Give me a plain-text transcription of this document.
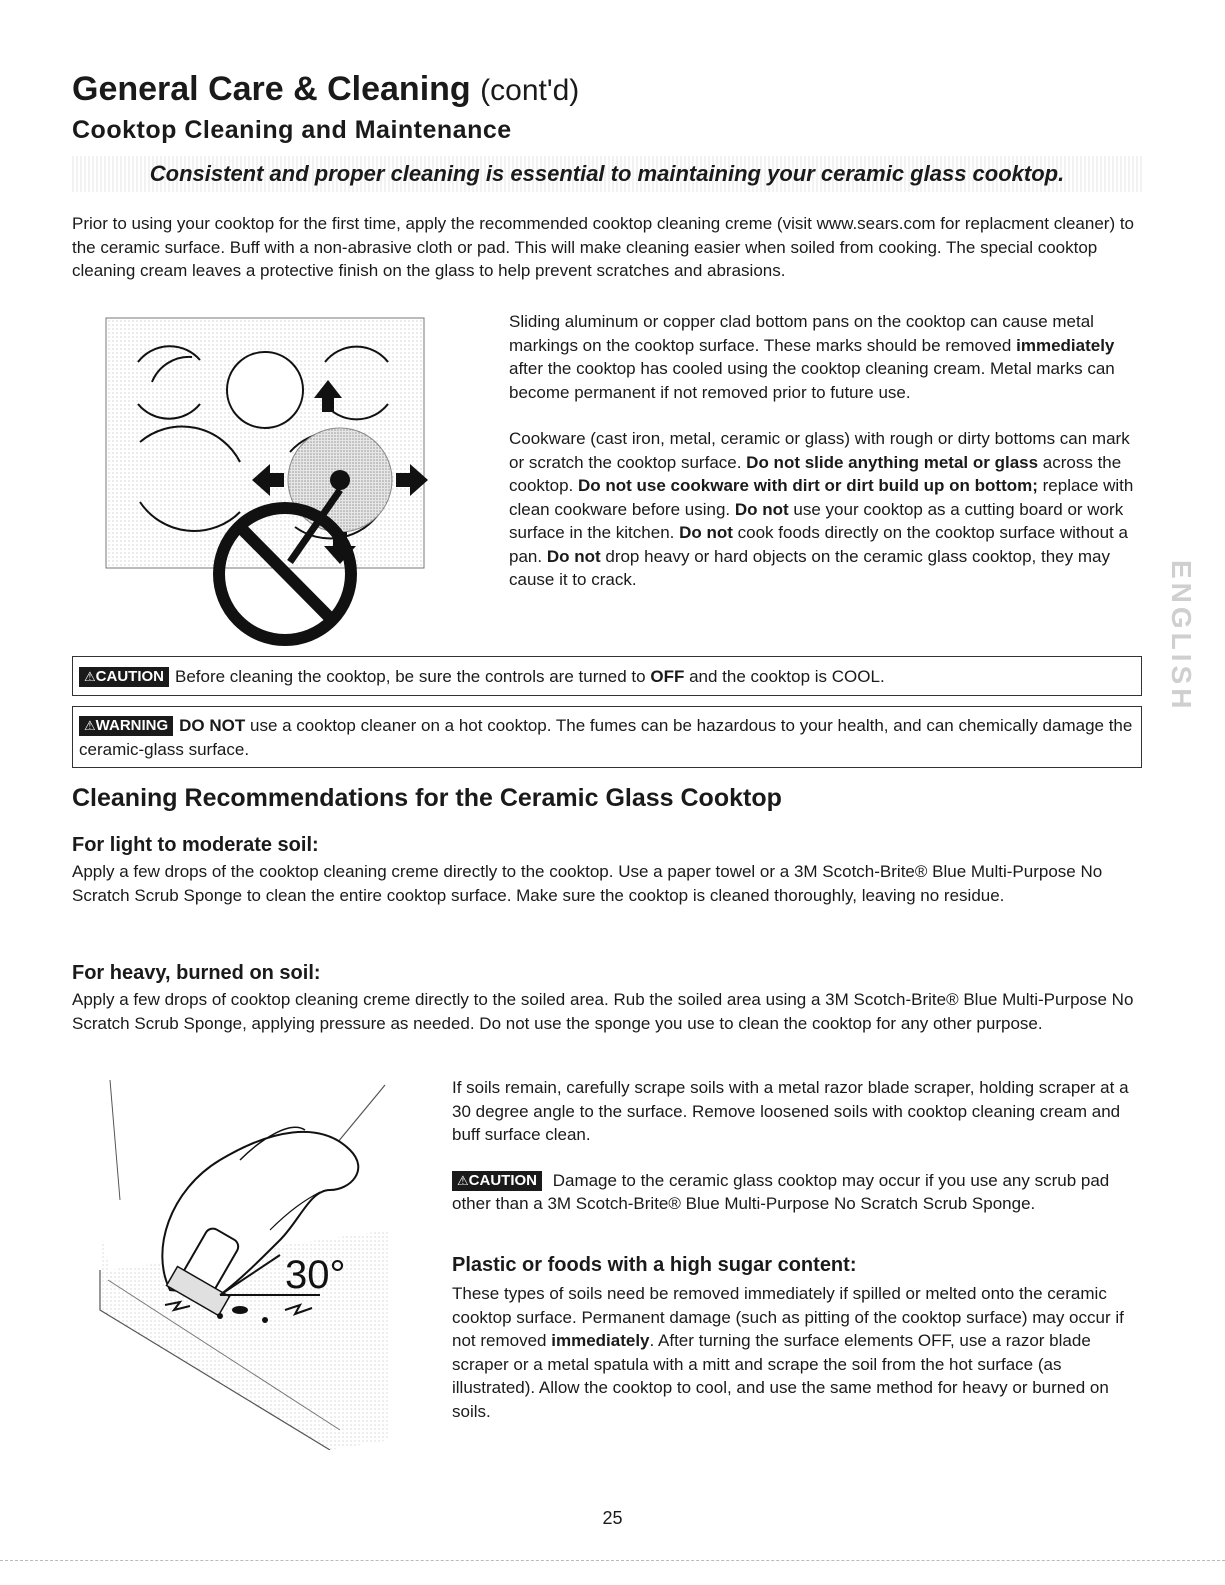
General Care & Cleaning (cont'd)
Cooktop Cleaning and Maintenance
Consistent and proper cleaning is essential to maintaining your ceramic glass cooktop.

Prior to using your cooktop for the first time, apply the recommended cooktop cleaning creme (visit www.sears.com for replacment cleaner) to the ceramic surface. Buff with a non-abrasive cloth or pad. This will make cleaning easier when soiled from cooking. The special cooktop cleaning cream leaves a protective finish on the glass to help prevent scratches and abrasions.

Sliding aluminum or copper clad bottom pans on the cooktop can cause metal markings on the cooktop surface. These marks should be removed immediately after the cooktop has cooled using the cooktop cleaning cream. Metal marks can become permanent if not removed prior to future use.

Cookware (cast iron, metal, ceramic or glass) with rough or dirty bottoms can mark or scratch the cooktop surface. Do not slide anything metal or glass across the cooktop. Do not use cookware with dirt or dirt build up on bottom; replace with clean cookware before using. Do not use your cooktop as a cutting board or work surface in the kitchen. Do not cook foods directly on the cooktop surface without a pan. Do not drop heavy or hard objects on the ceramic glass cooktop, they may cause it to crack.	ENGLISH
⚠CAUTION Before cleaning the cooktop, be sure the controls are turned to OFF and the cooktop is COOL.
⚠WARNING DO NOT use a cooktop cleaner on a hot cooktop. The fumes can be hazardous to your health, and can chemically damage the ceramic-glass surface.
Cleaning Recommendations for the Ceramic Glass Cooktop
For light to moderate soil:

Apply a few drops of the cooktop cleaning creme directly to the cooktop. Use a paper towel or a 3M Scotch-Brite® Blue Multi-Purpose No Scratch Scrub Sponge to clean the entire cooktop surface. Make sure the cooktop is cleaned thoroughly, leaving no residue.

For heavy, burned on soil:

Apply a few drops of cooktop cleaning creme directly to the soiled area. Rub the soiled area using a 3M Scotch-Brite® Blue Multi-Purpose No Scratch Scrub Sponge, applying pressure as needed. Do not use the sponge you use to clean the cooktop for any other purpose.

30°

If soils remain, carefully scrape soils with a metal razor blade scraper, holding scraper at a 30 degree angle to the surface. Remove loosened soils with cooktop cleaning cream and buff surface clean.

⚠CAUTION Damage to the ceramic glass cooktop may occur if you use any scrub pad other than a 3M Scotch-Brite® Blue Multi-Purpose No Scratch Scrub Sponge.

Plastic or foods with a high sugar content:

These types of soils need be removed immediately if spilled or melted onto the ceramic cooktop surface. Permanent damage (such as pitting of the cooktop surface) may occur if not removed immediately. After turning the surface elements OFF, use a razor blade scraper or a metal spatula with a mitt and scrape the soil from the hot surface (as illustrated). Allow the cooktop to cool, and use the same method for heavy or burned on soils.

25
